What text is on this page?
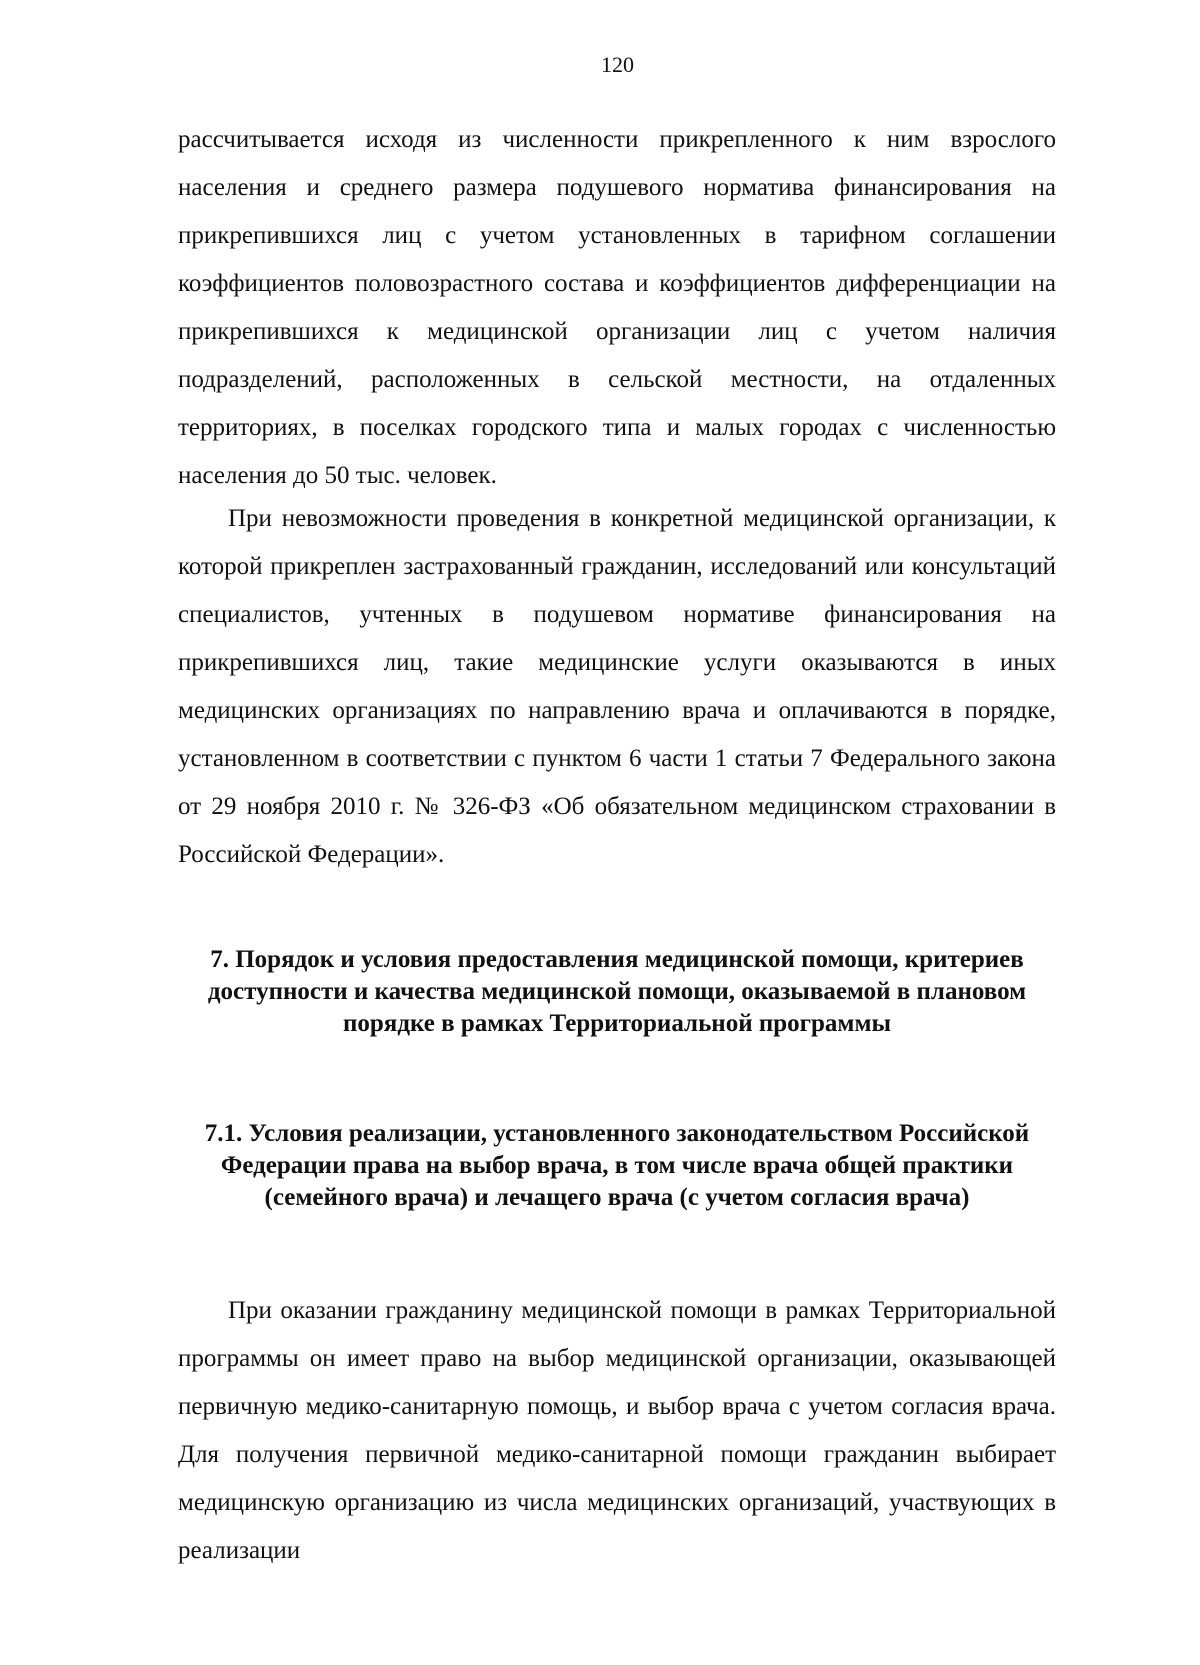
120

рассчитывается исходя из численности прикрепленного к ним взрослого населения и среднего размера подушевого норматива финансирования на прикрепившихся лиц с учетом установленных в тарифном соглашении коэффициентов половозрастного состава и коэффициентов дифференциации на прикрепившихся к медицинской организации лиц с учетом наличия подразделений, расположенных в сельской местности, на отдаленных территориях, в поселках городского типа и малых городах с численностью населения до 50 тыс. человек.

При невозможности проведения в конкретной медицинской организации, к которой прикреплен застрахованный гражданин, исследований или консультаций специалистов, учтенных в подушевом нормативе финансирования на прикрепившихся лиц, такие медицинские услуги оказываются в иных медицинских организациях по направлению врача и оплачиваются в порядке, установленном в соответствии с пунктом 6 части 1 статьи 7 Федерального закона от 29 ноября 2010 г. № 326-ФЗ «Об обязательном медицинском страховании в Российской Федерации».

7. Порядок и условия предоставления медицинской помощи, критериев доступности и качества медицинской помощи, оказываемой в плановом порядке в рамках Территориальной программы
7.1. Условия реализации, установленного законодательством Российской Федерации права на выбор врача, в том числе врача общей практики (семейного врача) и лечащего врача (с учетом согласия врача)

При оказании гражданину медицинской помощи в рамках Территориальной программы он имеет право на выбор медицинской организации, оказывающей первичную медико-санитарную помощь, и выбор врача с учетом согласия врача. Для получения первичной медико-санитарной помощи гражданин выбирает медицинскую организацию из числа медицинских организаций, участвующих в реализации
